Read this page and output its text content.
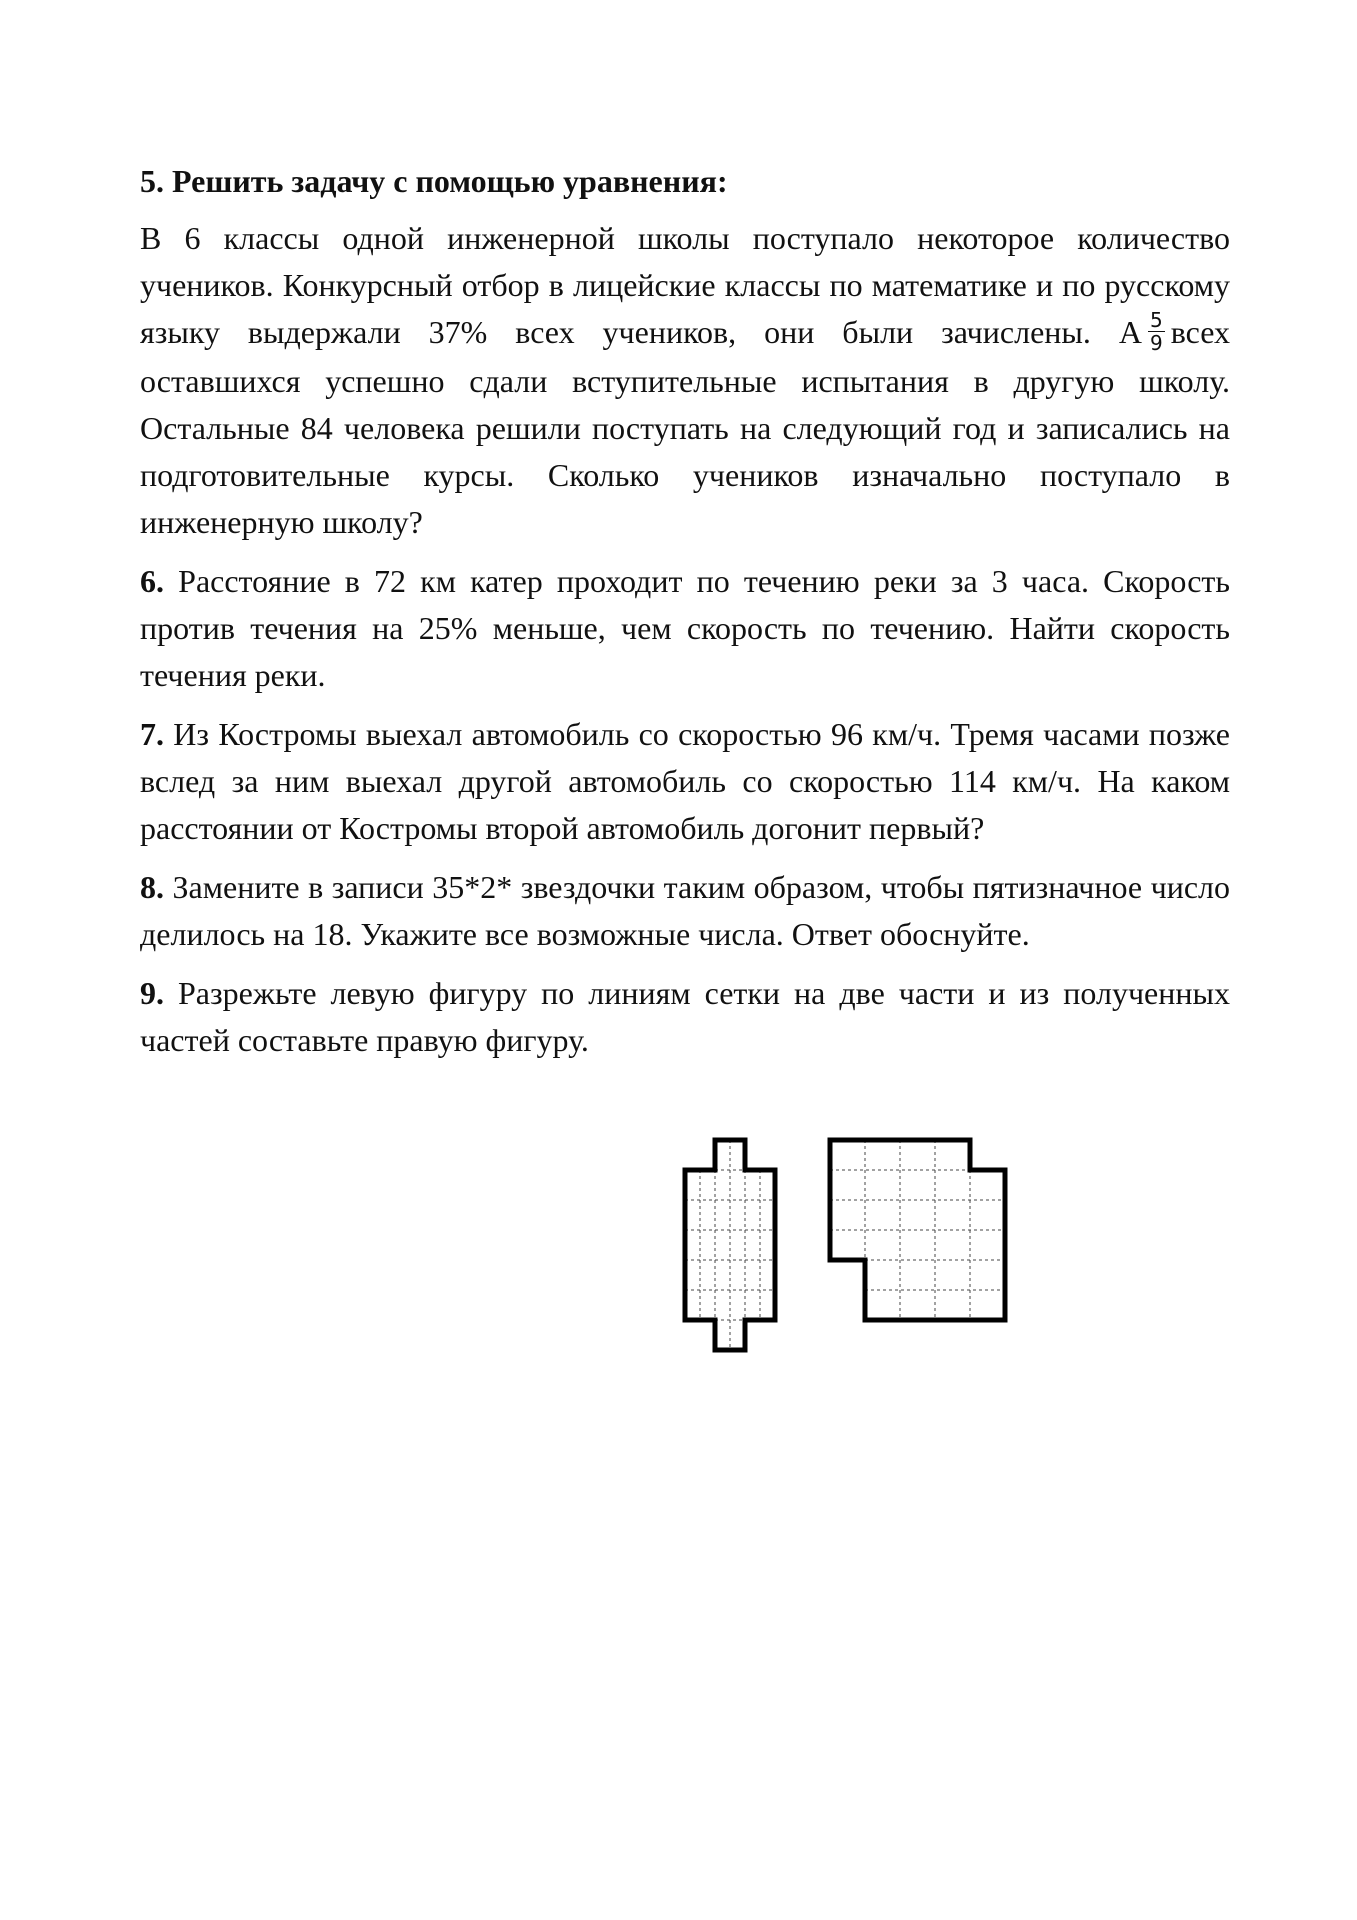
5. Решить задачу с помощью уравнения:

В 6 классы одной инженерной школы поступало некоторое количество учеников. Конкурсный отбор в лицейские классы по математике и по русскому языку выдержали 37% всех учеников, они были зачислены. А $\frac{5}{9}$ всех оставшихся успешно сдали вступительные испытания в другую школу. Остальные 84 человека решили поступать на следующий год и записались на подготовительные курсы. Сколько учеников изначально поступало в инженерную школу?

6. Расстояние в 72 км катер проходит по течению реки за 3 часа. Скорость против течения на 25% меньше, чем скорость по течению. Найти скорость течения реки.

7. Из Костромы выехал автомобиль со скоростью 96 км/ч. Тремя часами позже вслед за ним выехал другой автомобиль со скоростью 114 км/ч. На каком расстоянии от Костромы второй автомобиль догонит первый?

8. Замените в записи 35*2* звездочки таким образом, чтобы пятизначное число делилось на 18. Укажите все возможные числа. Ответ обоснуйте.

9. Разрежьте левую фигуру по линиям сетки на две части и из полученных частей составьте правую фигуру.
